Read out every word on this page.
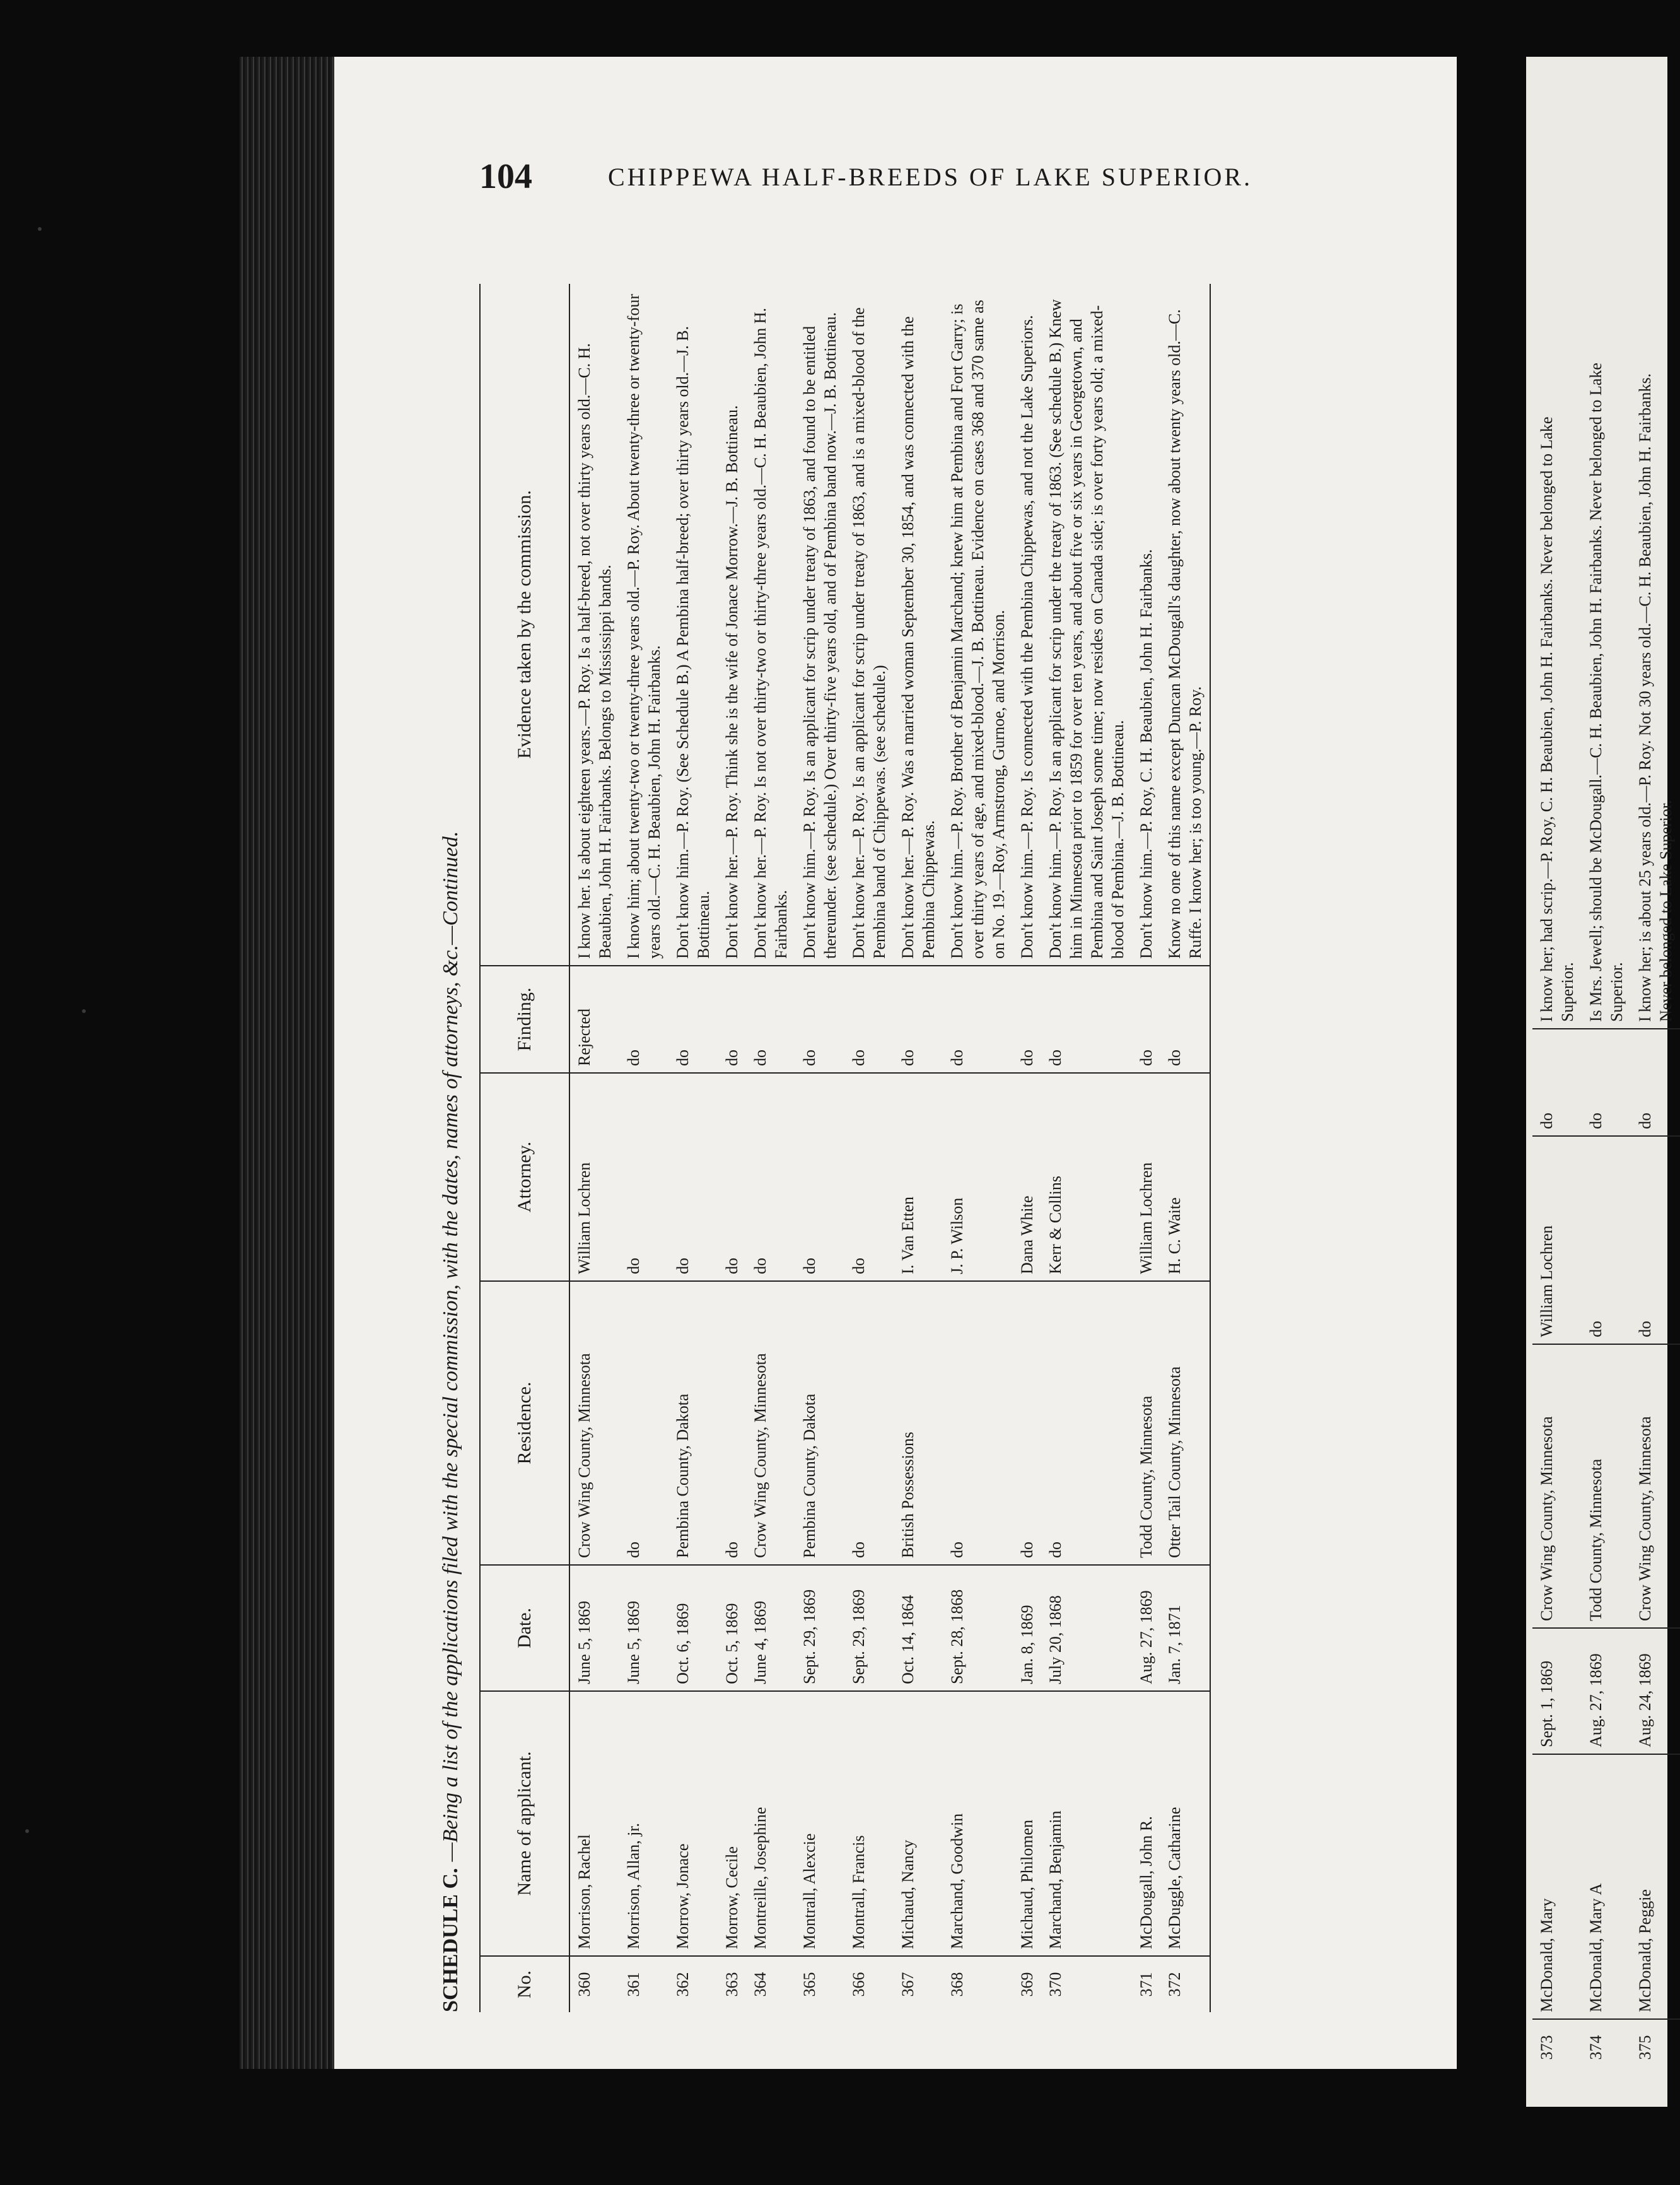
104	CHIPPEWA HALF-BREEDS OF LAKE SUPERIOR.
SCHEDULE C.
—Being a list of the applications filed with the special commission, with the dates, names of attorneys, &c.—Continued.
No.
Name of applicant.
Date.
Residence.
Attorney.
Finding.
Evidence taken by the commission.
360
Morrison, Rachel
June 5, 1869
Crow Wing County, Minnesota
William Lochren
Rejected
I know her. Is about eighteen years.—P. Roy. Is a half-breed, not over thirty years old.—C. H. Beaubien, John H. Fairbanks. Belongs to Mississippi bands.
361
Morrison, Allan, jr.
June 5, 1869
do
do
do
I know him; about twenty-two or twenty-three years old.—P. Roy. About twenty-three or twenty-four years old.—C. H. Beaubien, John H. Fairbanks.
362
Morrow, Jonace
Oct. 6, 1869
Pembina County, Dakota
do
do
Don't know him.—P. Roy. (See Schedule B.) A Pembina half-breed; over thirty years old.—J. B. Bottineau.
363
Morrow, Cecile
Oct. 5, 1869
do
do
do
Don't know her.—P. Roy. Think she is the wife of Jonace Morrow.—J. B. Bottineau.
364
Montreille, Josephine
June 4, 1869
Crow Wing County, Minnesota
do
do
Don't know her.—P. Roy. Is not over thirty-two or thirty-three years old.—C. H. Beaubien, John H. Fairbanks.
365
Montrall, Alexcie
Sept. 29, 1869
Pembina County, Dakota
do
do
Don't know him.—P. Roy. Is an applicant for scrip under treaty of 1863, and found to be entitled thereunder. (see schedule.) Over thirty-five years old, and of Pembina band now.—J. B. Bottineau.
366
Montrall, Francis
Sept. 29, 1869
do
do
do
Don't know her.—P. Roy. Is an applicant for scrip under treaty of 1863, and is a mixed-blood of the Pembina band of Chippewas. (see schedule.)
367
Michaud, Nancy
Oct. 14, 1864
British Possessions
I. Van Etten
do
Don't know her.—P. Roy. Was a married woman September 30, 1854, and was connected with the Pembina Chippewas.
368
Marchand, Goodwin
Sept. 28, 1868
do
J. P. Wilson
do
Don't know him.—P. Roy. Brother of Benjamin Marchand; knew him at Pembina and Fort Garry; is over thirty years of age, and mixed-blood.—J. B. Bottineau. Evidence on cases 368 and 370 same as on No. 19.—Roy, Armstrong, Gurnoe, and Morrison.
369
Michaud, Philomen
Jan. 8, 1869
do
Dana White
do
Don't know him.—P. Roy. Is connected with the Pembina Chippewas, and not the Lake Superiors.
370
Marchand, Benjamin
July 20, 1868
do
Kerr & Collins
do
Don't know him.—P. Roy. Is an applicant for scrip under the treaty of 1863. (See schedule B.) Knew him in Minnesota prior to 1859 for over ten years, and about five or six years in Georgetown, and Pembina and Saint Joseph some time; now resides on Canada side; is over forty years old; a mixed-blood of Pembina.—J. B. Bottineau.
371
McDougall, John R.
Aug. 27, 1869
Todd County, Minnesota
William Lochren
do
Don't know him.—P. Roy, C. H. Beaubien, John H. Fairbanks.
372
McDuggle, Catharine
Jan. 7, 1871
Otter Tail County, Minnesota
H. C. Waite
do
Know no one of this name except Duncan McDougall's daughter, now about twenty years old.—C. Ruffe. I know her; is too young.—P. Roy.
373
McDonald, Mary
Sept. 1, 1869
Crow Wing County, Minnesota
William Lochren
do
I know her; had scrip.—P. Roy, C. H. Beaubien, John H. Fairbanks. Never belonged to Lake Superior.
374
McDonald, Mary A
Aug. 27, 1869
Todd County, Minnesota
do
do
Is Mrs. Jewell; should be McDougall.—C. H. Beaubien, John H. Fairbanks. Never belonged to Lake Superior.
375
McDonald, Peggie
Aug. 24, 1869
Crow Wing County, Minnesota
do
do
I know her; is about 25 years old.—P. Roy. Not 30 years old.—C. H. Beaubien, John H. Fairbanks. Never belonged to Lake Superior.
